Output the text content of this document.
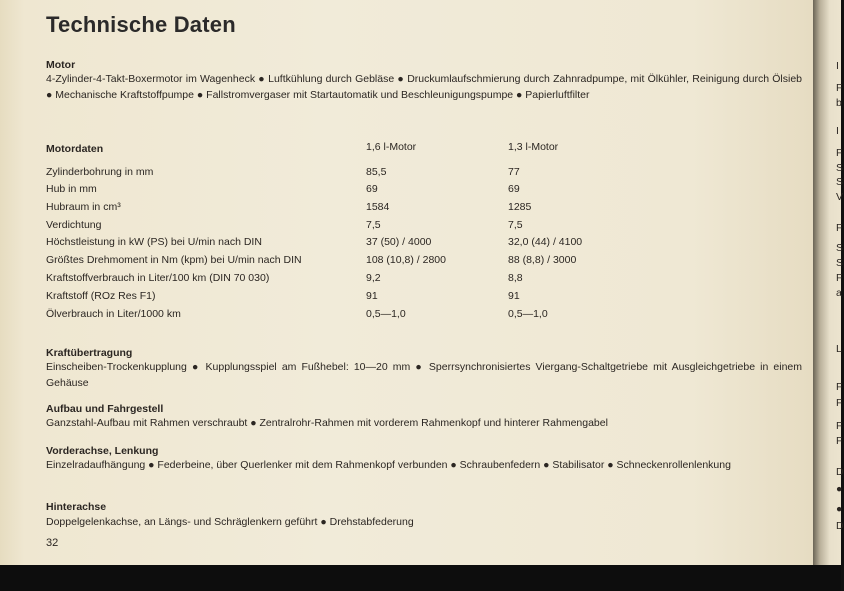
Technische Daten
Motor
4-Zylinder-4-Takt-Boxermotor im Wagenheck ● Luftkühlung durch Gebläse ● Druckumlaufschmierung durch Zahnradpumpe, mit Ölkühler, Reinigung durch Ölsieb ● Mechanische Kraftstoffpumpe ● Fallstromvergaser mit Startautomatik und Beschleunigungspumpe ● Papierluftfilter
Motordaten	1,6 l-Motor	1,3 l-Motor
Zylinderbohrung in mm	85,5	77
Hub in mm	69	69
Hubraum in cm³	1584	1285
Verdichtung	7,5	7,5
Höchstleistung in kW (PS) bei U/min nach DIN	37 (50) / 4000	32,0 (44) / 4100
Größtes Drehmoment in Nm (kpm) bei U/min nach DIN	108 (10,8) / 2800	88 (8,8) / 3000
Kraftstoffverbrauch in Liter/100 km (DIN 70 030)	9,2	8,8
Kraftstoff (ROz Res F1)	91	91
Ölverbrauch in Liter/1000 km	0,5—1,0	0,5—1,0
Kraftübertragung
Einscheiben-Trockenkupplung ● Kupplungsspiel am Fußhebel: 10—20 mm ● Sperrsynchronisiertes Viergang-Schaltgetriebe mit Ausgleichgetriebe in einem Gehäuse
Aufbau und Fahrgestell
Ganzstahl-Aufbau mit Rahmen verschraubt ● Zentralrohr-Rahmen mit vorderem Rahmenkopf und hinterer Rahmengabel
Vorderachse, Lenkung
Einzelradaufhängung ● Federbeine, über Querlenker mit dem Rahmenkopf verbunden ● Schraubenfedern ● Stabilisator ● Schneckenrollenlenkung
Hinterachse
Doppelgelenkachse, an Längs- und Schräglenkern geführt ● Drehstabfederung
32
I
F
b
I
F
S
S
V
F
S
S
F
a
L
F
F
F
F
D
●
●
D
